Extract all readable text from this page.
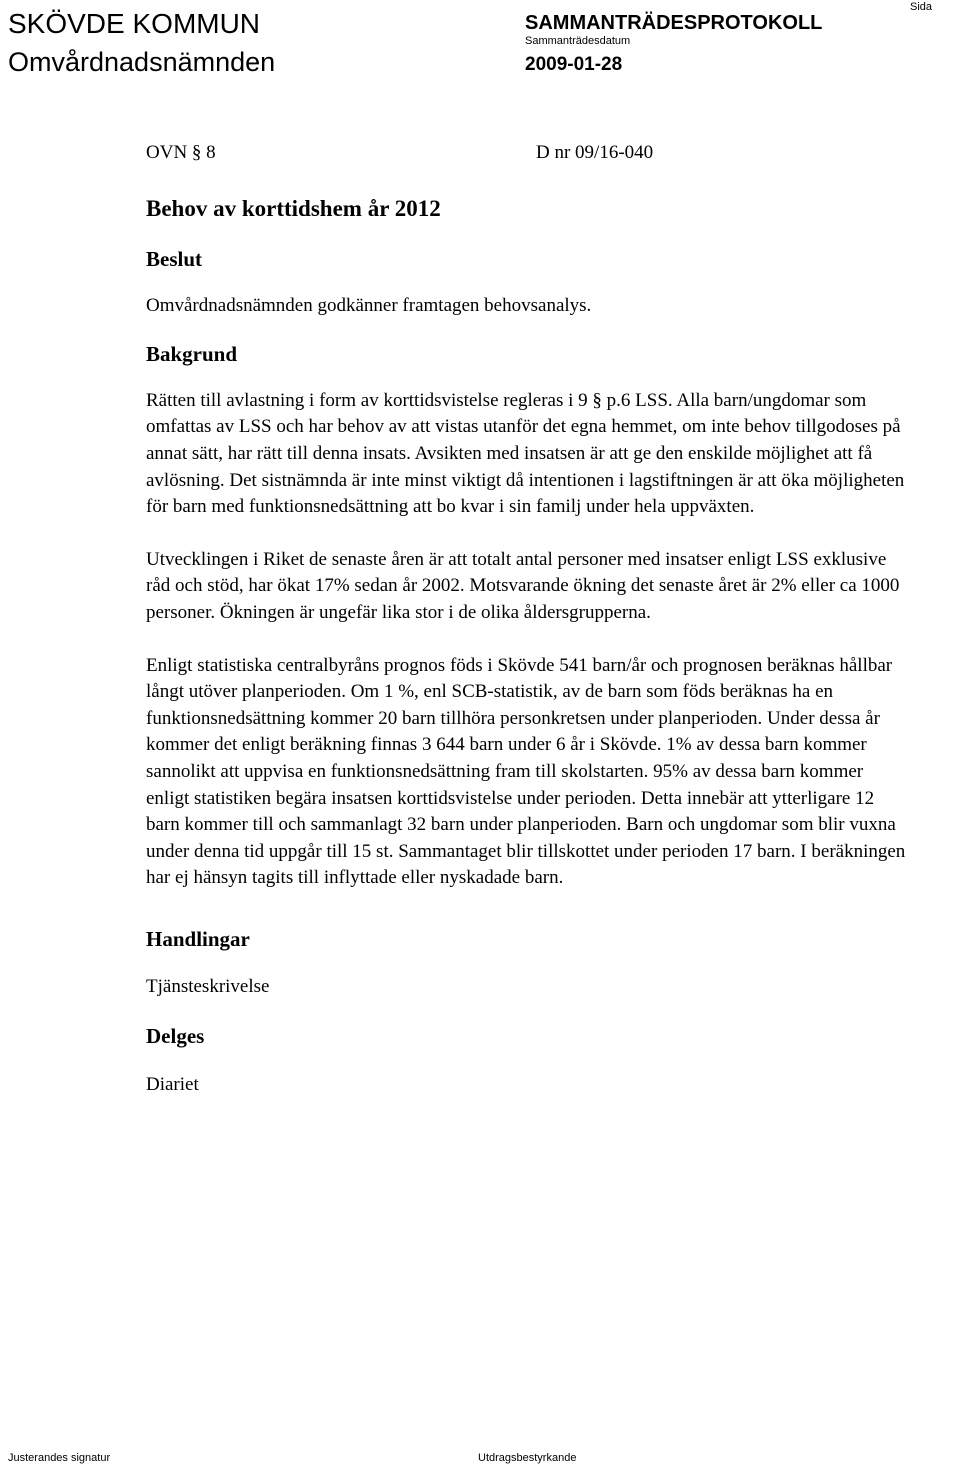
SKÖVDE KOMMUN
Omvårdnadsnämnden
SAMMANTRÄDESPROTOKOLL
Sammanträdesdatum
2009-01-28
Sida
OVN § 8	D nr 09/16-040
Behov av korttidshem år 2012
Beslut

Omvårdnadsnämnden godkänner framtagen behovsanalys.

Bakgrund

Rätten till avlastning i form av korttidsvistelse regleras i 9 § p.6 LSS. Alla barn/ungdomar som omfattas av LSS och har behov av att vistas utanför det egna hemmet, om inte behov tillgodoses på annat sätt, har rätt till denna insats. Avsikten med insatsen är att ge den enskilde möjlighet att få avlösning. Det sistnämnda är inte minst viktigt då intentionen i lagstiftningen är att öka möjligheten för barn med funktionsnedsättning att bo kvar i sin familj under hela uppväxten.

Utvecklingen i Riket de senaste åren är att totalt antal personer med insatser enligt LSS exklusive råd och stöd, har ökat 17% sedan år 2002. Motsvarande ökning det senaste året är 2% eller ca 1000 personer. Ökningen är ungefär lika stor i de olika åldersgrupperna.

Enligt statistiska centralbyråns prognos föds i Skövde 541 barn/år och prognosen beräknas hållbar långt utöver planperioden. Om 1 %, enl SCB-statistik, av de barn som föds beräknas ha en funktionsnedsättning kommer 20 barn tillhöra personkretsen under planperioden. Under dessa år kommer det enligt beräkning finnas 3 644 barn under 6 år i Skövde. 1% av dessa barn kommer sannolikt att uppvisa en funktionsnedsättning fram till skolstarten. 95% av dessa barn kommer enligt statistiken begära insatsen korttidsvistelse under perioden. Detta innebär att ytterligare 12 barn kommer till och sammanlagt 32 barn under planperioden. Barn och ungdomar som blir vuxna under denna tid uppgår till 15 st. Sammantaget blir tillskottet under perioden 17 barn. I beräkningen har ej hänsyn tagits till inflyttade eller nyskadade barn.

Handlingar

Tjänsteskrivelse

Delges

Diariet

Justerandes signatur	Utdragsbestyrkande
